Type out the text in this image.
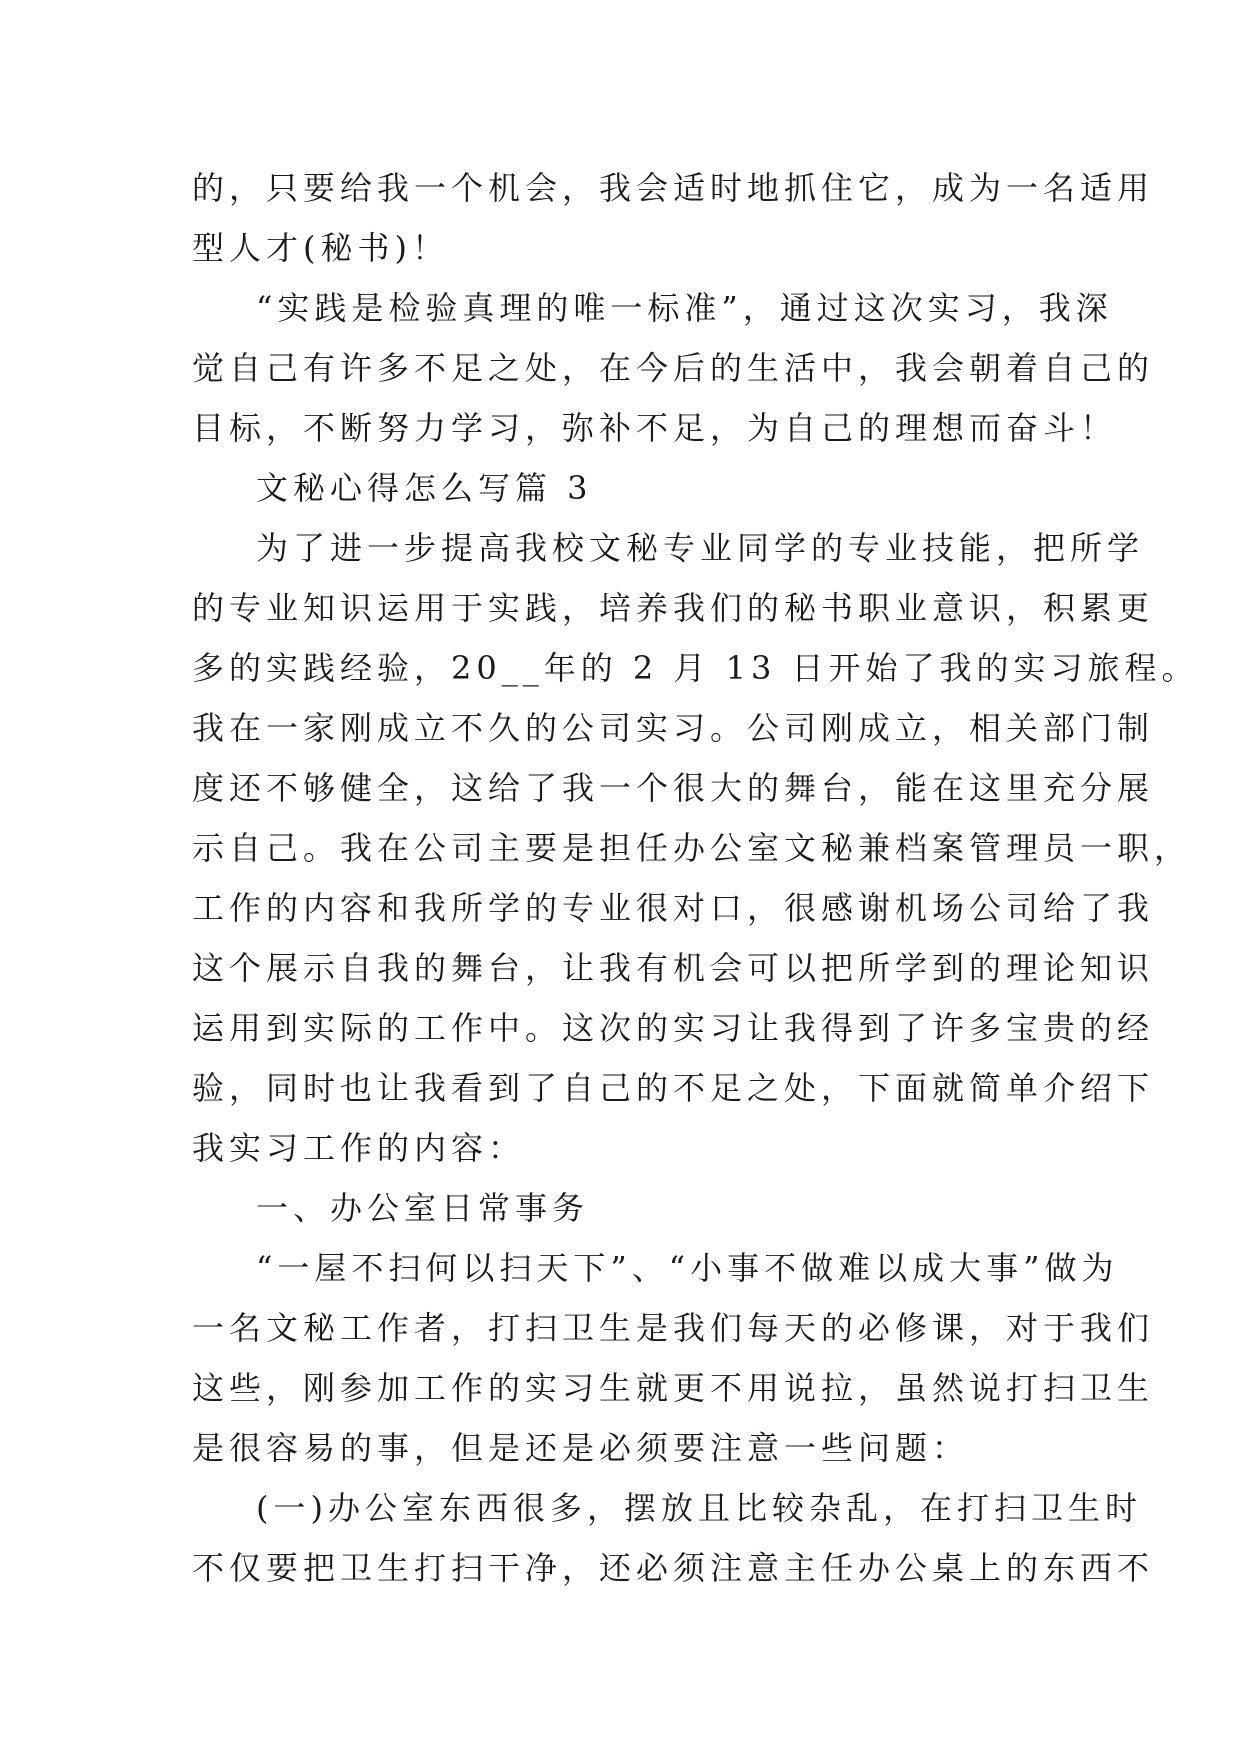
的，只要给我一个机会，我会适时地抓住它，成为一名适用
型人才(秘书)！
“实践是检验真理的唯一标准”，通过这次实习，我深
觉自己有许多不足之处，在今后的生活中，我会朝着自己的
目标，不断努力学习，弥补不足，为自己的理想而奋斗！
文秘心得怎么写篇 3
为了进一步提高我校文秘专业同学的专业技能，把所学
的专业知识运用于实践，培养我们的秘书职业意识，积累更
多的实践经验，20__年的 2 月 13 日开始了我的实习旅程。
我在一家刚成立不久的公司实习。公司刚成立，相关部门制
度还不够健全，这给了我一个很大的舞台，能在这里充分展
示自己。我在公司主要是担任办公室文秘兼档案管理员一职，
工作的内容和我所学的专业很对口，很感谢机场公司给了我
这个展示自我的舞台，让我有机会可以把所学到的理论知识
运用到实际的工作中。这次的实习让我得到了许多宝贵的经
验，同时也让我看到了自己的不足之处，下面就简单介绍下
我实习工作的内容：
一、办公室日常事务
“一屋不扫何以扫天下”、“小事不做难以成大事”做为
一名文秘工作者，打扫卫生是我们每天的必修课，对于我们
这些，刚参加工作的实习生就更不用说拉，虽然说打扫卫生
是很容易的事，但是还是必须要注意一些问题：
(一)办公室东西很多，摆放且比较杂乱，在打扫卫生时
不仅要把卫生打扫干净，还必须注意主任办公桌上的东西不
